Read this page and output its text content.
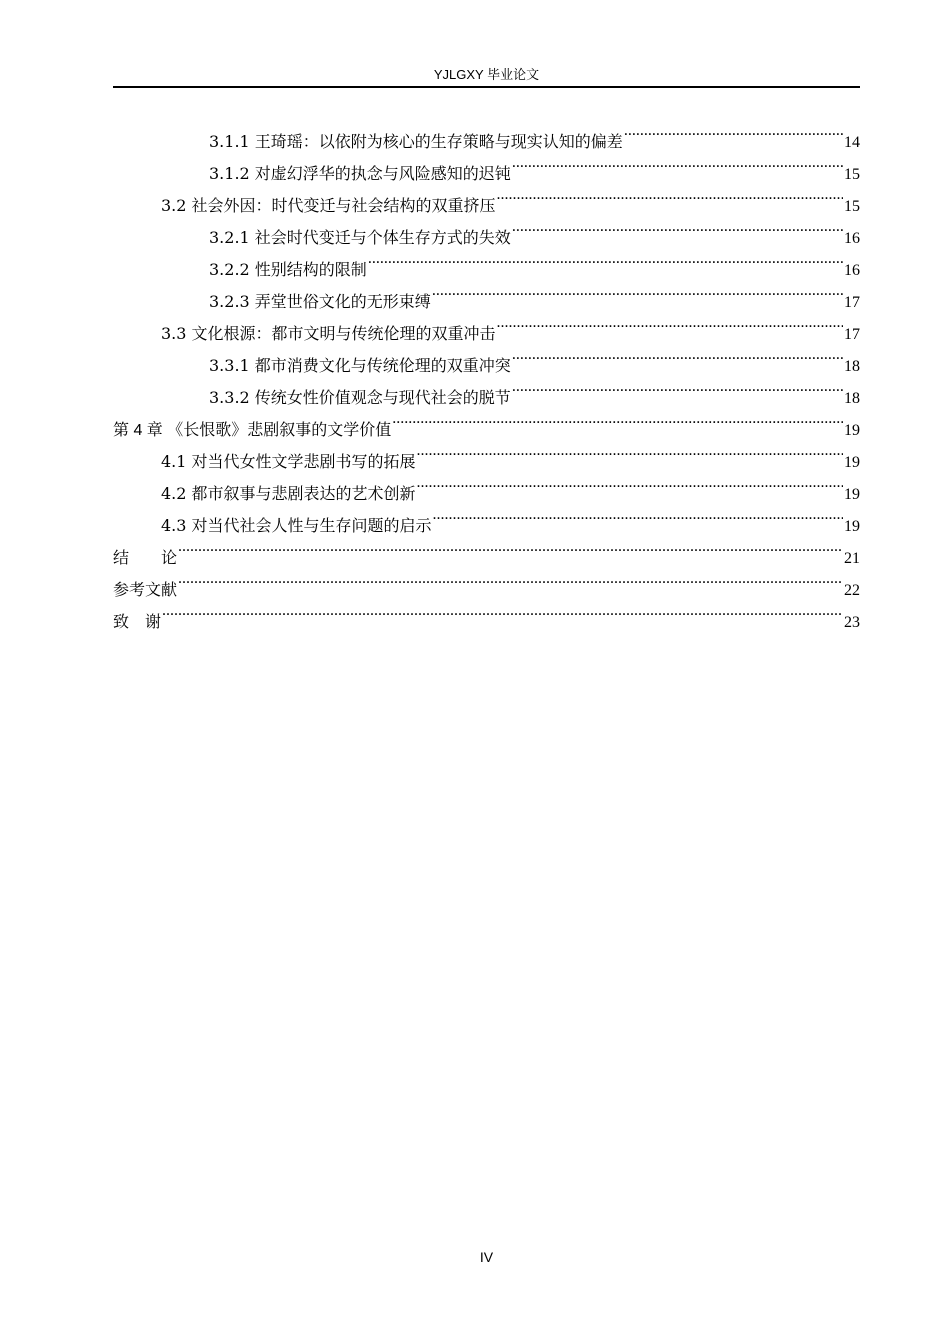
YJLGXY 毕业论文
3.1.1 王琦瑶：以依附为核心的生存策略与现实认知的偏差 .....	14
3.1.2 对虚幻浮华的执念与风险感知的迟钝 .....	15
3.2 社会外因：时代变迁与社会结构的双重挤压 .....	15
3.2.1 社会时代变迁与个体生存方式的失效 .....	16
3.2.2 性别结构的限制 .....	16
3.2.3 弄堂世俗文化的无形束缚 .....	17
3.3 文化根源：都市文明与传统伦理的双重冲击 .....	17
3.3.1 都市消费文化与传统伦理的双重冲突 .....	18
3.3.2 传统女性价值观念与现代社会的脱节 .....	18
第 4 章 《长恨歌》悲剧叙事的文学价值 .....	19
4.1 对当代女性文学悲剧书写的拓展 .....	19
4.2 都市叙事与悲剧表达的艺术创新 .....	19
4.3 对当代社会人性与生存问题的启示 .....	19
结　　论 .....	21
参考文献 .....	22
致　谢 .....	23
IV
